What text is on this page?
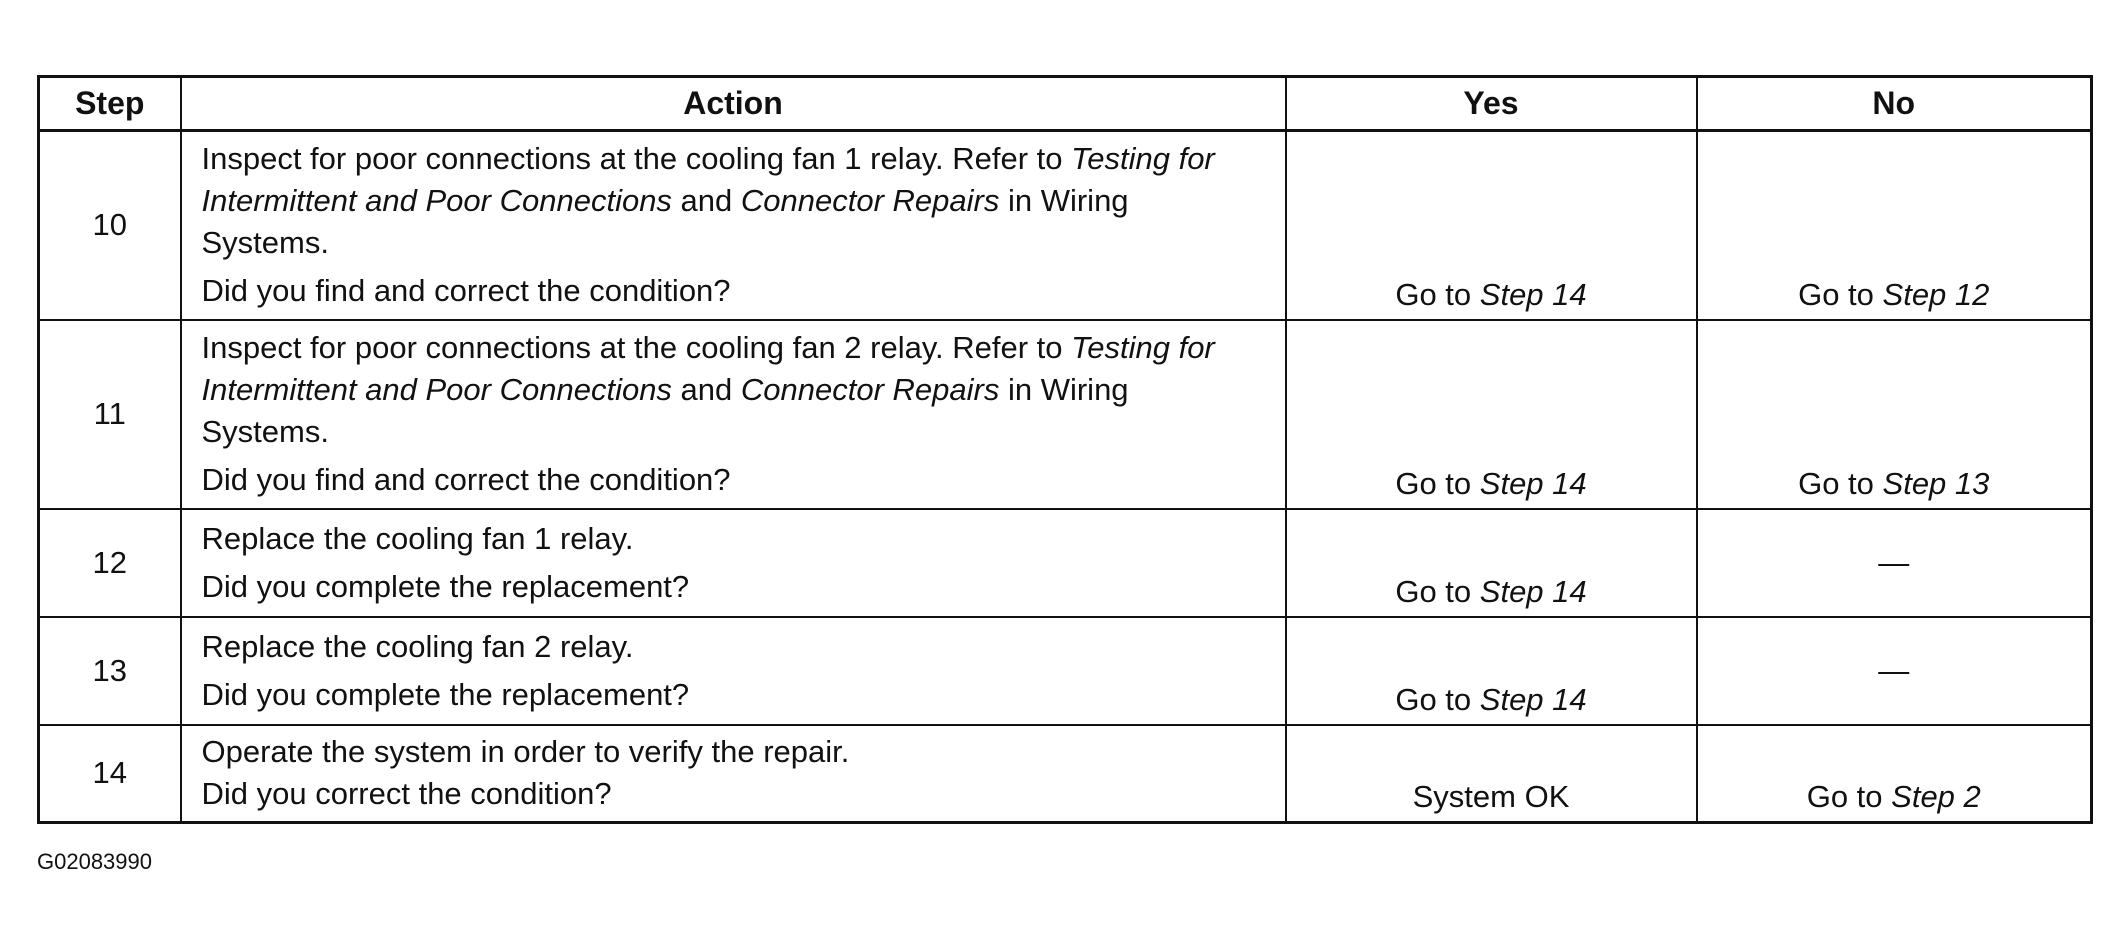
Step	Action	Yes	No
10	Inspect for poor connections at the cooling fan 1 relay. Refer to Testing for Intermittent and Poor Connections and Connector Repairs in Wiring Systems.
Did you find and correct the condition?	Go to Step 14	Go to Step 12
11	Inspect for poor connections at the cooling fan 2 relay. Refer to Testing for Intermittent and Poor Connections and Connector Repairs in Wiring Systems.
Did you find and correct the condition?	Go to Step 14	Go to Step 13
12	Replace the cooling fan 1 relay.
Did you complete the replacement?	Go to Step 14	—
13	Replace the cooling fan 2 relay.
Did you complete the replacement?	Go to Step 14	—
14	Operate the system in order to verify the repair.
Did you correct the condition?	System OK	Go to Step 2
G02083990
